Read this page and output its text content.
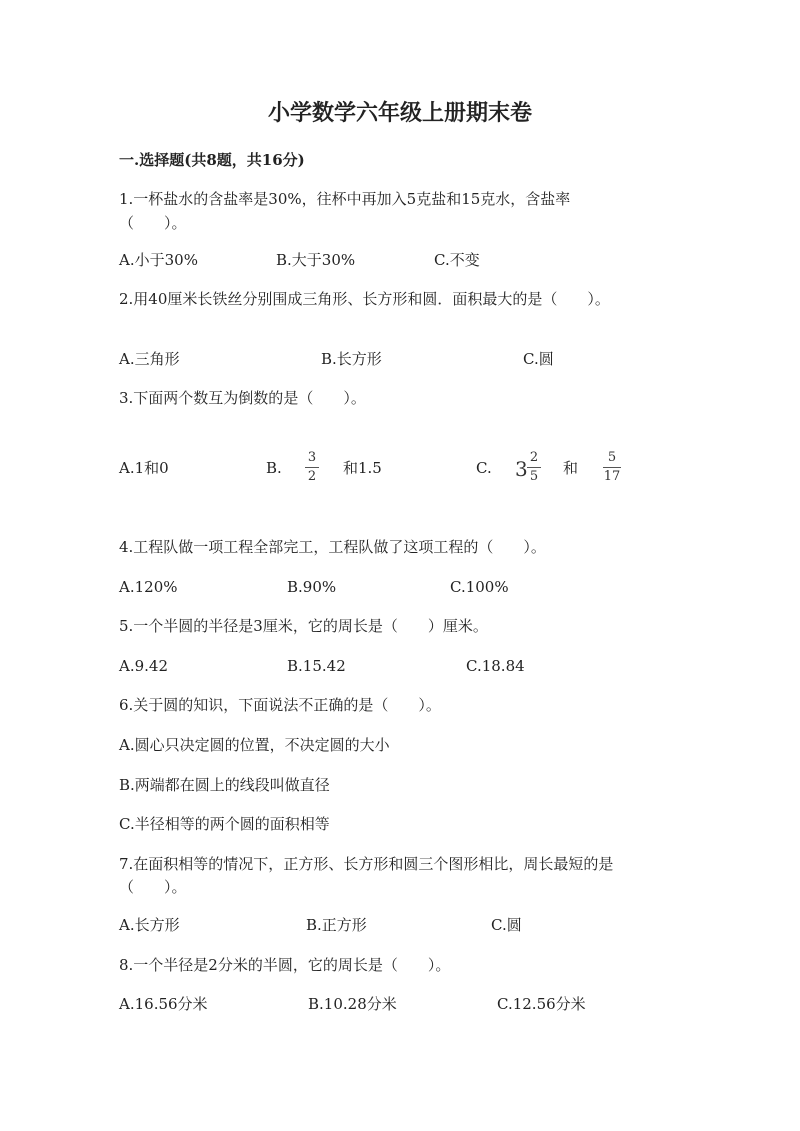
小学数学六年级上册期末卷
一.选择题(共8题，共16分)
1.一杯盐水的含盐率是30%，往杯中再加入5克盐和15克水，含盐率
（　　）。
A.小于30%	B.大于30%	C.不变
2.用40厘米长铁丝分别围成三角形、长方形和圆．面积最大的是（　　）。
A.三角形	B.长方形	C.圆
3.下面两个数互为倒数的是（　　）。
A.1和0	B.
3
2 和1.5	C. 3 2
5 和
5
17
4.工程队做一项工程全部完工，工程队做了这项工程的（　　）。
A.120%	B.90%	C.100%
5.一个半圆的半径是3厘米，它的周长是（　　）厘米。
A.9.42	B.15.42	C.18.84
6.关于圆的知识，下面说法不正确的是（　　）。
A.圆心只决定圆的位置，不决定圆的大小
B.两端都在圆上的线段叫做直径
C.半径相等的两个圆的面积相等
7.在面积相等的情况下，正方形、长方形和圆三个图形相比，周长最短的是
（　　）。
A.长方形	B.正方形	C.圆
8.一个半径是2分米的半圆，它的周长是（　　）。
A.16.56分米	B.10.28分米	C.12.56分米
